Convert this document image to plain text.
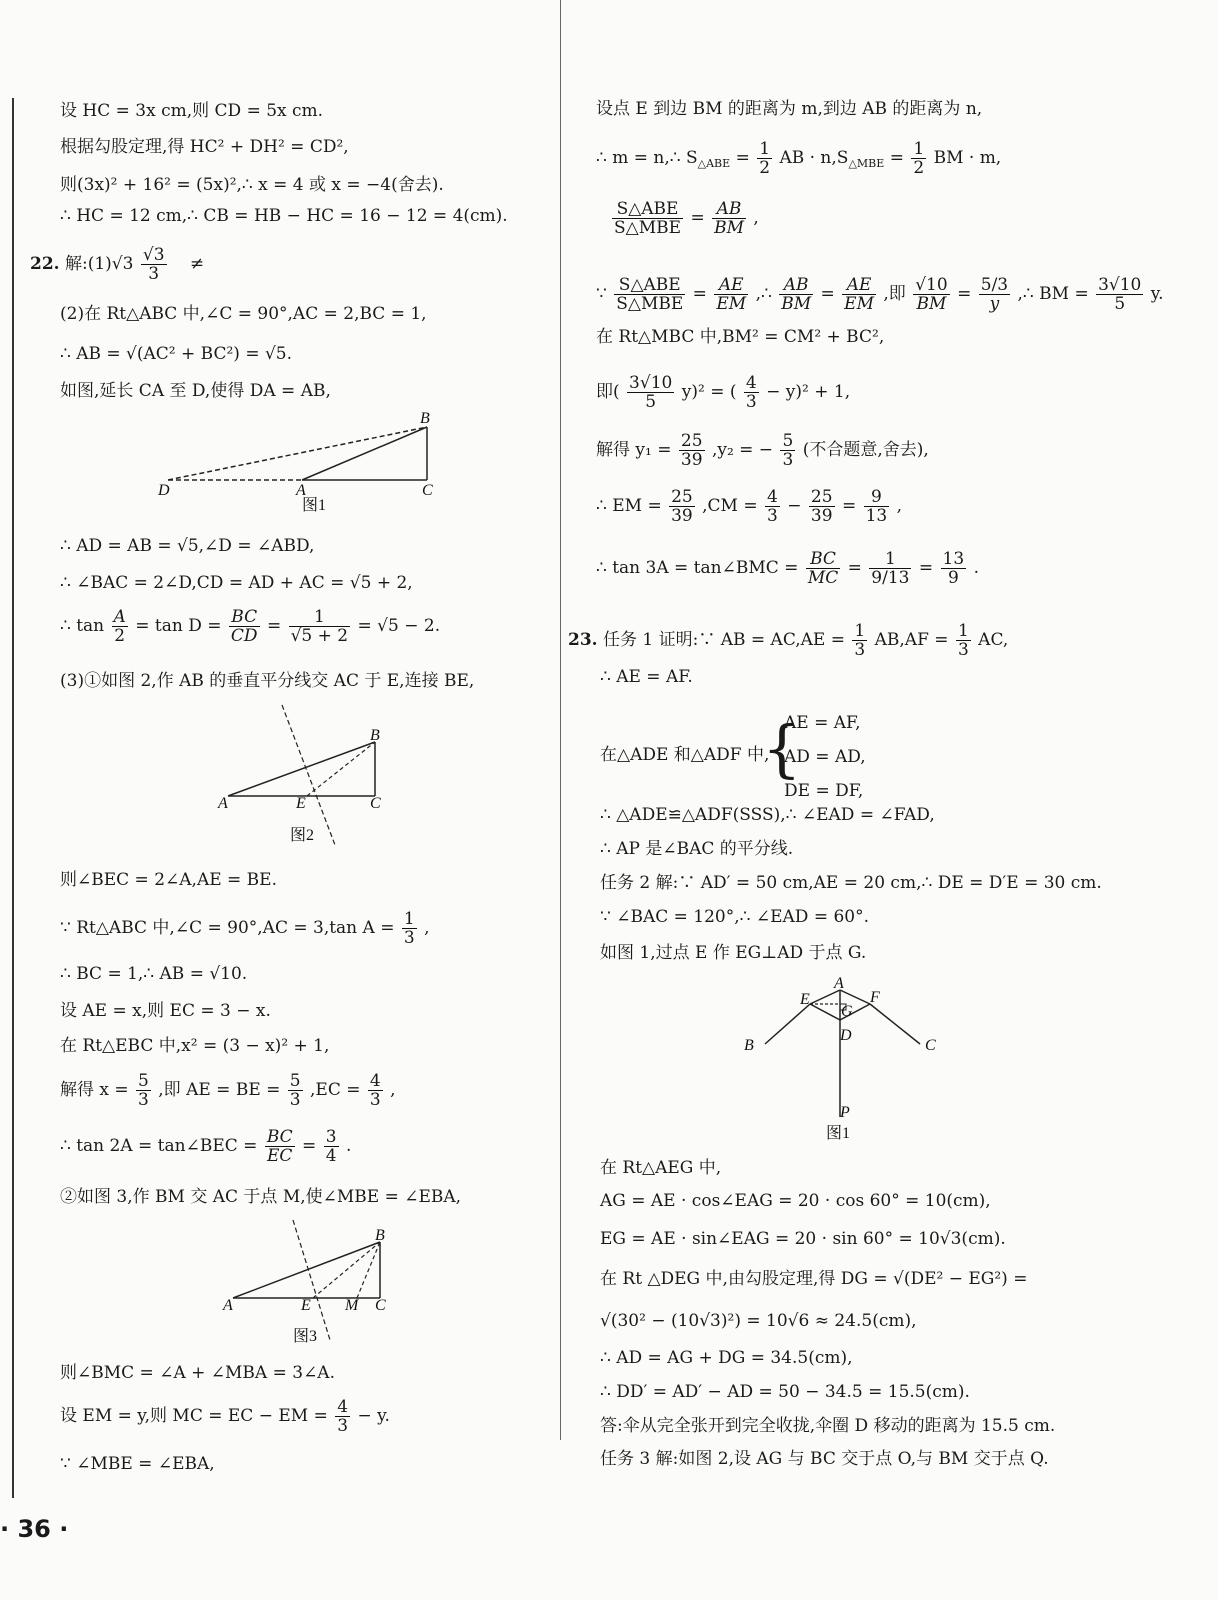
设 HC = 3x cm,则 CD = 5x cm.
根据勾股定理,得 HC² + DH² = CD²,
则(3x)² + 16² = (5x)²,∴ x = 4 或 x = −4(舍去).
∴ HC = 12 cm,∴ CB = HB − HC = 16 − 12 = 4(cm).
22. 解:(1)√3 $\frac{√3}{3}$ ≠
(2)在 Rt△ABC 中,∠C = 90°,AC = 2,BC = 1,
∴ AB = √(AC² + BC²) = √5.
如图,延长 CA 至 D,使得 DA = AB,
D	A
B
C
图1
∴ AD = AB = √5,∠D = ∠ABD,
∴ ∠BAC = 2∠D,CD = AD + AC = √5 + 2,
∴ $\tan \frac{A}{2} = \tan D = \frac{BC}{CD} = \frac{1}{√5 + 2} = √5 - 2$.
(3)①如图 2,作 AB 的垂直平分线交 AC 于 E,连接 BE,
A	E
B
C
图2
则∠BEC = 2∠A,AE = BE.
∵ Rt△ABC 中,∠C = 90°,AC = 3,tan $A = \frac{1}{3}$ ,
∴ BC = 1,∴ AB = √10.
设 AE = x,则 EC = 3 − x.
在 Rt△EBC 中,x² = (3 − x)² + 1,
解得 $x = \frac{5}{3}$ ,即 AE = BE = $\frac{5}{3} ,EC = \frac{4}{3}$ ,
∴ tan 2A = tan∠BEC = $\frac{BC}{EC} = \frac{3}{4}$ .
②如图 3,作 BM 交 AC 于点 M,使∠MBE = ∠EBA,
A	E M
B
C
图3
则∠BMC = ∠A + ∠MBA = 3∠A.
设 EM = y,则 MC = EC − EM = $\frac{4}{3} - y$.
∵ ∠MBE = ∠EBA,
· 36 ·
设点 E 到边 BM 的距离为 m,到边 AB 的距离为 n,
∴ m = n,∴ $S_{\triangle ABE} = \frac{1}{2}$ AB · $n,S_{\triangle MBE} = \frac{1}{2}$ BM · m,
$\frac{\text{S△ABE}}{\text{S△MBE}} = \frac{AB}{BM}$ ,
∵ $\frac{\text{S△ABE}}{\text{S△MBE}} = \frac{AE}{EM}$ ,∴ $\frac{AB}{BM} = \frac{AE}{EM}$ ,即 $\frac{√10}{BM} = \frac{5/3}{y}$ ,∴ BM = $\frac{3√10}{5} y$.
在 Rt△MBC 中,BM² = CM² + BC²,
即( $\frac{3√10}{5} y)^2$ = ( $\frac{4}{3} - y)^2 + 1$,
解得 $y_1 = \frac{25}{39} ,y_2$ = − $\frac{5}{3}$ (不合题意,舍去),
∴ EM = $\frac{25}{39} ,CM = \frac{4}{3} - \frac{25}{39} = \frac{9}{13}$ ,
∴ tan 3A = tan∠BMC = $\frac{BC}{MC} = \frac{1}{9/13} = \frac{13}{9}$ .
23. 任务 1 证明:∵ AB = $AC,AE = \frac{1}{3} AB,AF = \frac{1}{3}$ AC,
∴ AE = AF.
在△ADE 和△ADF 中,
{
AE = AF,
AD = AD,
DE = DF,
∴ △ADE≌△ADF(SSS),∴ ∠EAD = ∠FAD,
∴ AP 是∠BAC 的平分线.
任务 2 解:∵ AD′ = 50 cm,AE = 20 cm,∴ DE = D′E = 30 cm.
∵ ∠BAC = 120°,∴ ∠EAD = 60°.
如图 1,过点 E 作 EG⊥AD 于点 G.
A
E	F
G
D
B	C
P
图1
在 Rt△AEG 中,
AG = AE · cos∠EAG = 20 · cos 60° = 10(cm),
EG = AE · sin∠EAG = 20 · sin 60° = 10√3(cm).
在 Rt △DEG 中,由勾股定理,得 DG = √(DE² − EG²) =
√(30² − (10√3)²) = 10√6 ≈ 24.5(cm),
∴ AD = AG + DG = 34.5(cm),
∴ DD′ = AD′ − AD = 50 − 34.5 = 15.5(cm).
答:伞从完全张开到完全收拢,伞圈 D 移动的距离为 15.5 cm.
任务 3 解:如图 2,设 AG 与 BC 交于点 O,与 BM 交于点 Q.
